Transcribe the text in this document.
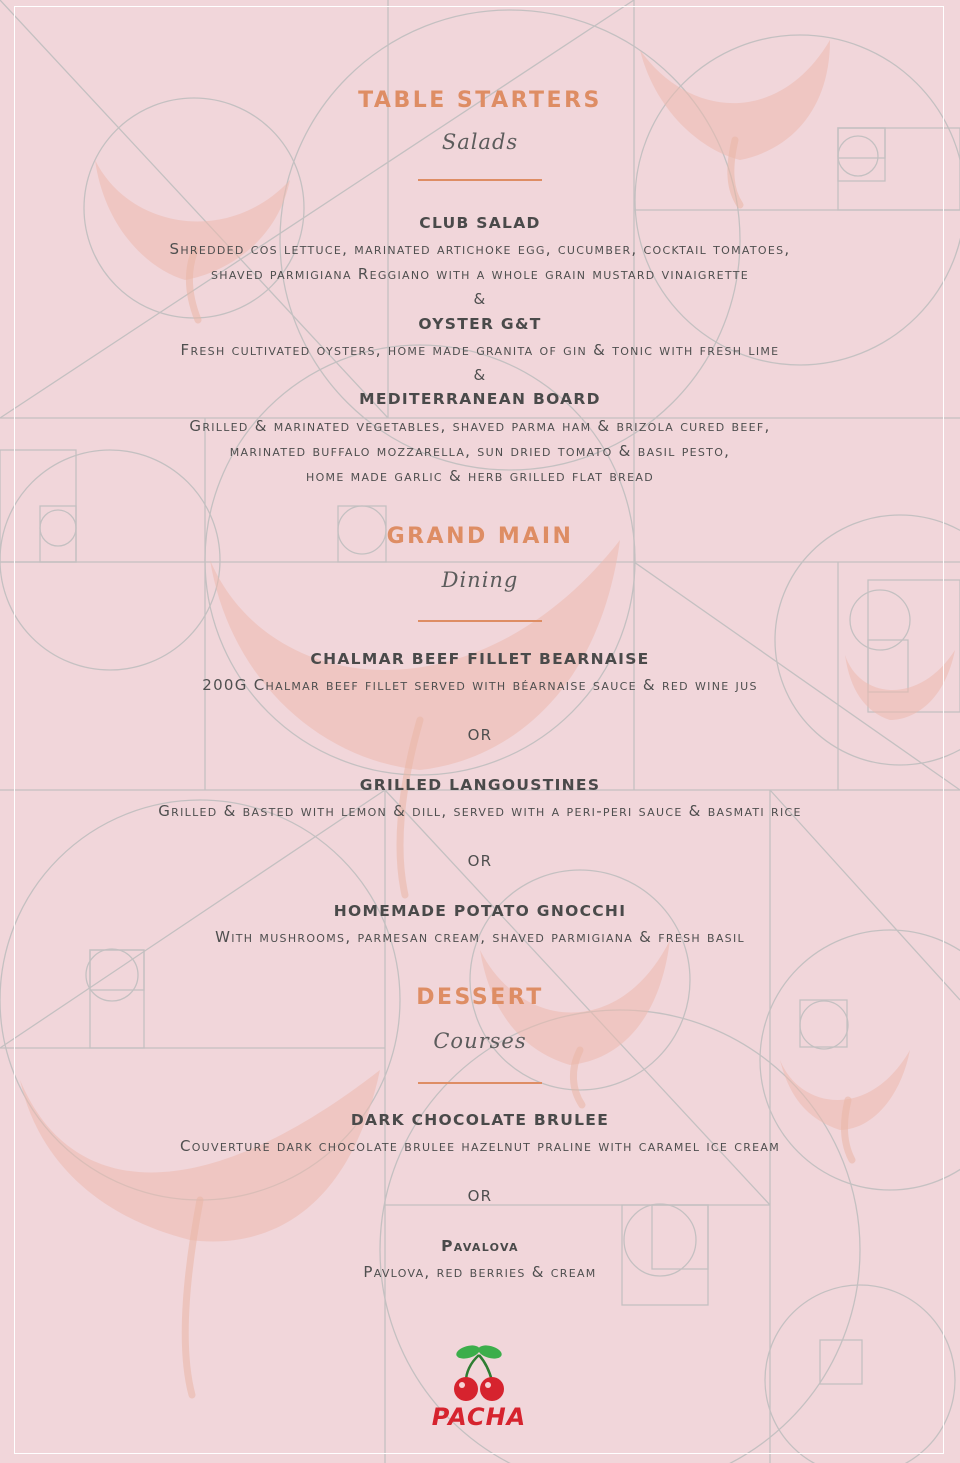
TABLE STARTERS
Salads
CLUB SALAD
Shredded cos lettuce, marinated artichoke egg, cucumber, cocktail tomatoes,
shaved parmigiana Reggiano with a whole grain mustard vinaigrette
&
OYSTER G&T
Fresh cultivated oysters, home made granita of gin & tonic with fresh lime
&
MEDITERRANEAN BOARD
Grilled & marinated vegetables, shaved parma ham & brizola cured beef,
marinated buffalo mozzarella, sun dried tomato & basil pesto,
home made garlic & herb grilled flat bread
GRAND MAIN
Dining
CHALMAR BEEF FILLET BEARNAISE
200G Chalmar beef fillet served with béarnaise sauce & red wine jus
OR
GRILLED LANGOUSTINES
Grilled & basted with lemon & dill, served with a peri-peri sauce & basmati rice
OR
HOMEMADE POTATO GNOCCHI
With mushrooms, parmesan cream, shaved parmigiana & fresh basil
DESSERT
Courses
DARK CHOCOLATE BRULEE
Couverture dark chocolate brulee hazelnut praline with caramel ice cream
OR
Pavalova
Pavlova, red berries & cream
PACHA
